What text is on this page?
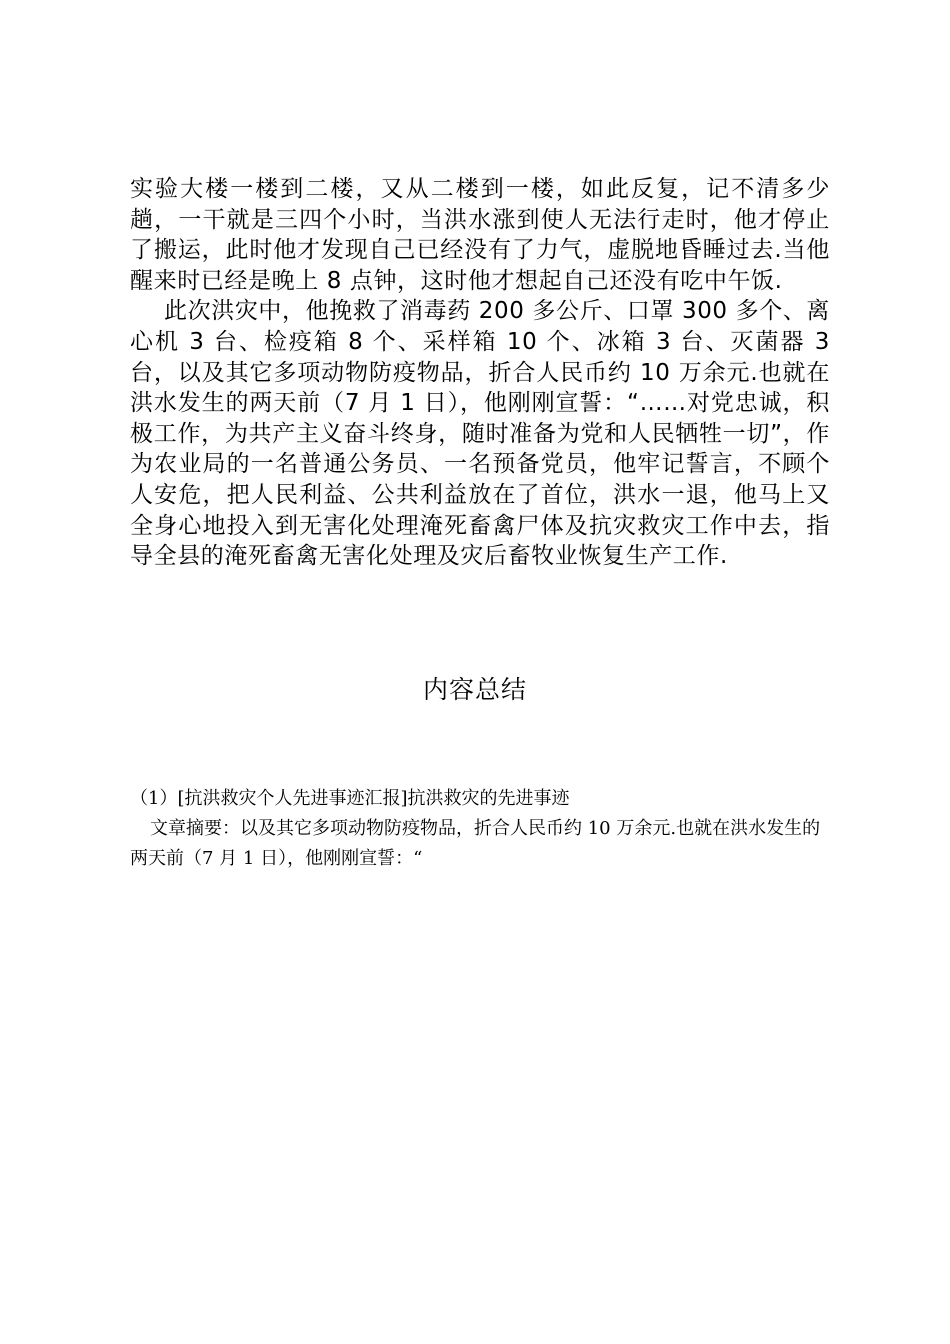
实验大楼一楼到二楼，又从二楼到一楼，如此反复，记不清多少趟，一干就是三四个小时，当洪水涨到使人无法行走时，他才停止了搬运，此时他才发现自己已经没有了力气，虚脱地昏睡过去.当他醒来时已经是晚上 8 点钟，这时他才想起自己还没有吃中午饭.

此次洪灾中，他挽救了消毒药 200 多公斤、口罩 300 多个、离心机 3 台、检疫箱 8 个、采样箱 10 个、冰箱 3 台、灭菌器 3 台，以及其它多项动物防疫物品，折合人民币约 10 万余元.也就在洪水发生的两天前（7 月 1 日），他刚刚宣誓：“……对党忠诚，积极工作，为共产主义奋斗终身，随时准备为党和人民牺牲一切”，作为农业局的一名普通公务员、一名预备党员，他牢记誓言，不顾个人安危，把人民利益、公共利益放在了首位，洪水一退，他马上又全身心地投入到无害化处理淹死畜禽尸体及抗灾救灾工作中去，指导全县的淹死畜禽无害化处理及灾后畜牧业恢复生产工作.

内容总结

（1）[抗洪救灾个人先进事迹汇报]抗洪救灾的先进事迹

文章摘要：以及其它多项动物防疫物品，折合人民币约 10 万余元.也就在洪水发生的两天前（7 月 1 日），他刚刚宣誓：“
